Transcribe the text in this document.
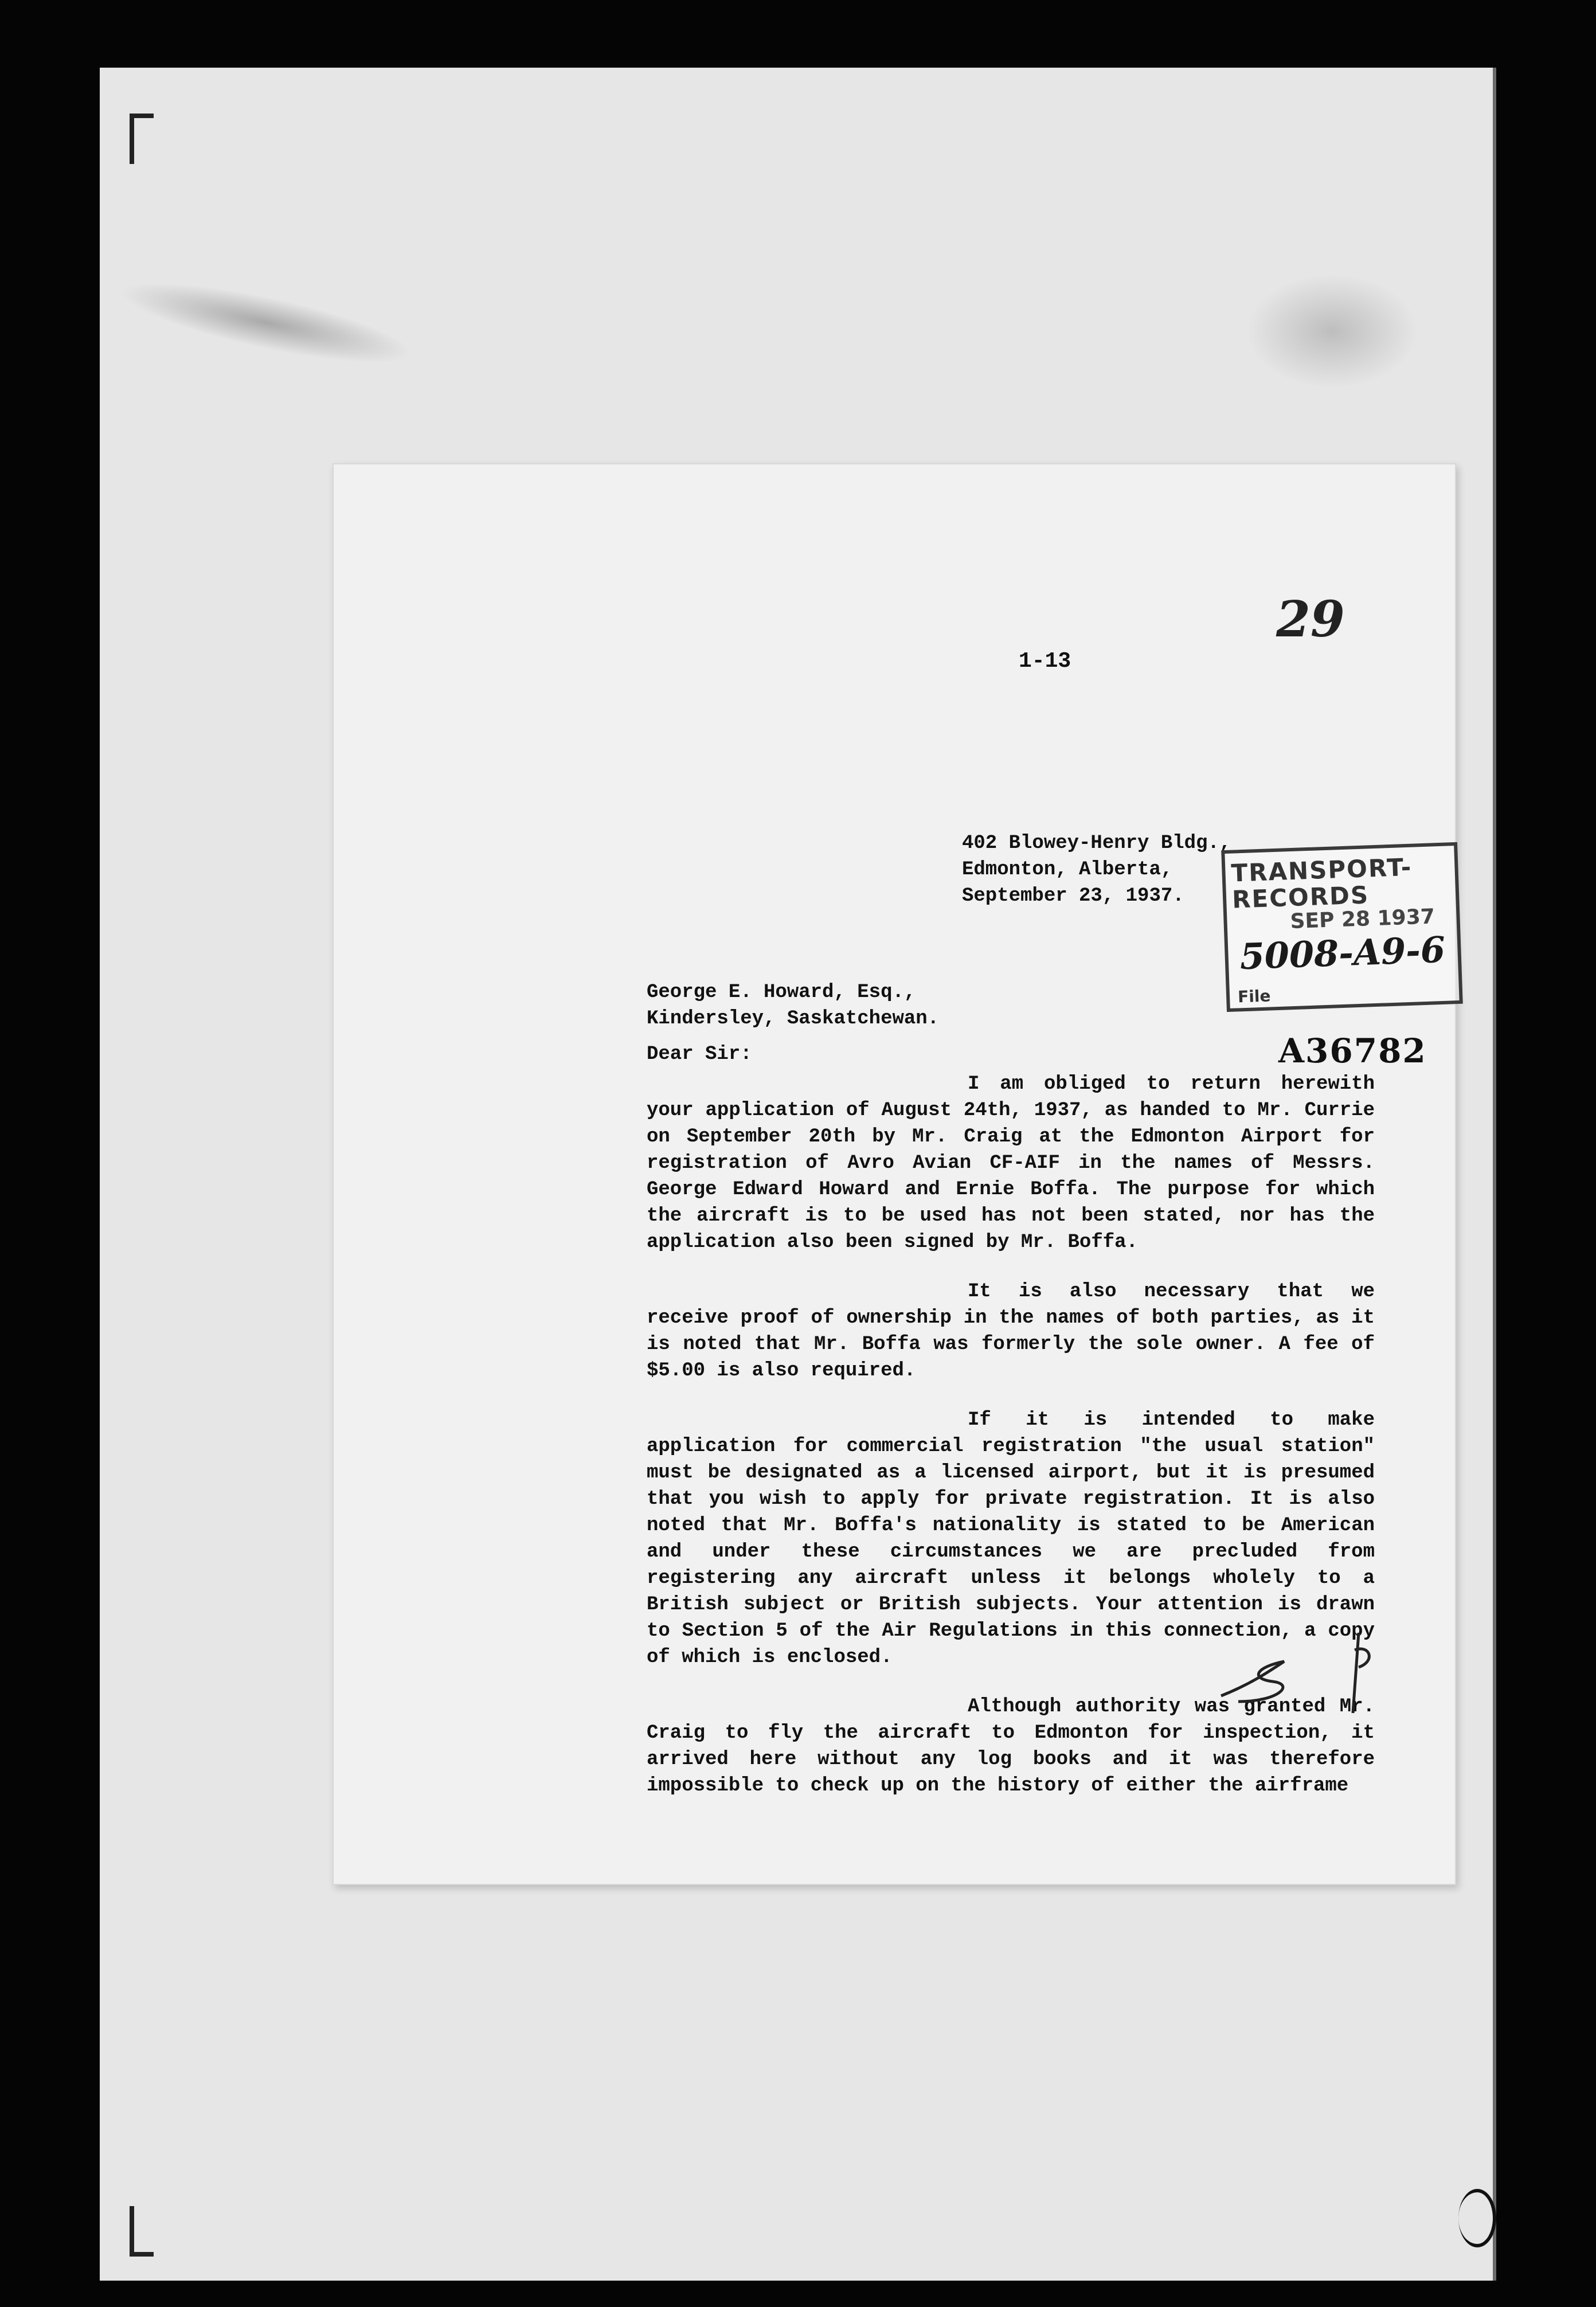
1-13
29
402 Blowey-Henry Bldg.,
Edmonton, Alberta,
September 23, 1937.
TRANSPORT-RECORDS
SEP 28 1937
5008-A9-6
File
A36782
George E. Howard, Esq.,
Kindersley, Saskatchewan.
Dear Sir:

I am obliged to return herewith your application of August 24th, 1937, as handed to Mr. Currie on September 20th by Mr. Craig at the Edmonton Airport for registration of Avro Avian CF-AIF in the names of Messrs. George Edward Howard and Ernie Boffa. The purpose for which the aircraft is to be used has not been stated, nor has the application also been signed by Mr. Boffa.

It is also necessary that we receive proof of ownership in the names of both parties, as it is noted that Mr. Boffa was formerly the sole owner. A fee of $5.00 is also required.

If it is intended to make application for commercial registration "the usual station" must be designated as a licensed airport, but it is presumed that you wish to apply for private registration. It is also noted that Mr. Boffa's nationality is stated to be American and under these circumstances we are precluded from registering any aircraft unless it belongs wholely to a British subject or British subjects. Your attention is drawn to Section 5 of the Air Regulations in this connection, a copy of which is enclosed.

Although authority was granted Mr. Craig to fly the aircraft to Edmonton for inspection, it arrived here without any log books and it was therefore impossible to check up on the history of either the airframe
